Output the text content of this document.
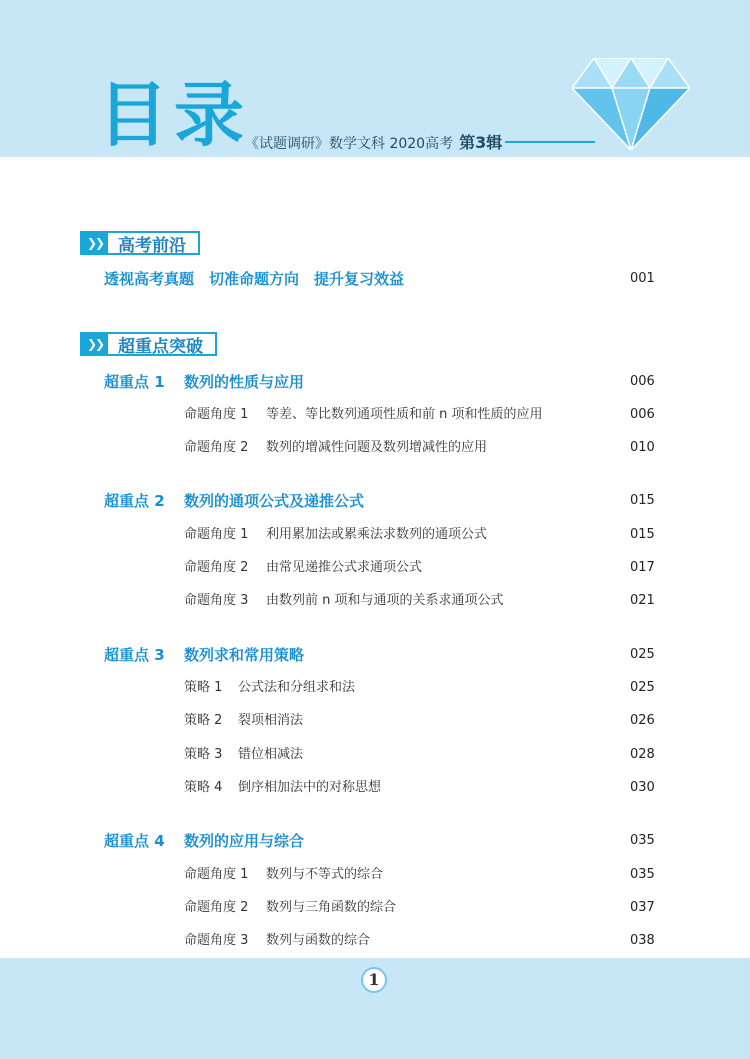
目录
《试题调研》数学文科 2020高考 第3辑
❯❯ 高考前沿
透视高考真题　切准命题方向　提升复习效益	001
❯❯ 超重点突破
超重点 1 数列的性质与应用	006
命题角度 1 等差、等比数列通项性质和前 n 项和性质的应用	006
命题角度 2 数列的增减性问题及数列增减性的应用	010
超重点 2 数列的通项公式及递推公式	015
命题角度 1 利用累加法或累乘法求数列的通项公式	015
命题角度 2 由常见递推公式求通项公式	017
命题角度 3 由数列前 n 项和与通项的关系求通项公式	021
超重点 3 数列求和常用策略	025
策略 1 公式法和分组求和法	025
策略 2 裂项相消法	026
策略 3 错位相减法	028
策略 4 倒序相加法中的对称思想	030
超重点 4 数列的应用与综合	035
命题角度 1 数列与不等式的综合	035
命题角度 2 数列与三角函数的综合	037
命题角度 3 数列与函数的综合	038
1
